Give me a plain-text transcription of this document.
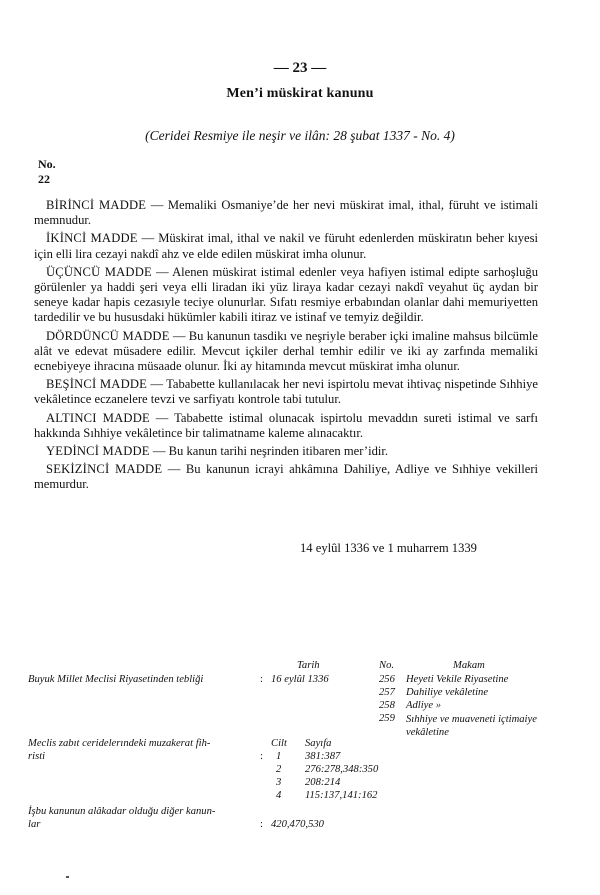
— 23 —
Men’i müskirat kanunu
(Ceridei Resmiye ile neşir ve ilân: 28 şubat 1337 - No. 4)
No.
22

BİRİNCİ MADDE — Memaliki Osmaniye’de her nevi müskirat imal, ithal, füruht ve istimali memnudur.

İKİNCİ MADDE — Müskirat imal, ithal ve nakil ve füruht edenlerden müskiratın beher kıyesi için elli lira cezayi nakdî ahz ve elde edilen müskirat imha olunur.

ÜÇÜNCÜ MADDE — Alenen müskirat istimal edenler veya hafiyen istimal edipte sarhoşluğu görülenler ya haddi şeri veya elli liradan iki yüz liraya kadar cezayi nakdî veyahut üç aydan bir seneye kadar hapis cezasıyle teciye olunurlar. Sıfatı resmiye erbabından olanlar dahi memuriyetten tardedilir ve bu hususdaki hükümler kabili itiraz ve istinaf ve temyiz değildir.

DÖRDÜNCÜ MADDE — Bu kanunun tasdikı ve neşriyle beraber içki imaline mahsus bilcümle alât ve edevat müsadere edilir. Mevcut içkiler derhal temhir edilir ve iki ay zarfında memaliki ecnebiyeye ihracına müsaade olunur. İki ay hitamında mevcut müskirat imha olunur.

BEŞİNCİ MADDE — Tababette kullanılacak her nevi ispirtolu mevat ihtivaç nispetinde Sıhhiye vekâletince eczanelere tevzi ve sarfiyatı kontrole tabi tutulur.

ALTINCI MADDE — Tababette istimal olunacak ispirtolu mevaddın sureti istimal ve sarfı hakkında Sıhhiye vekâletince bir talimatname kaleme alınacaktır.

YEDİNCİ MADDE — Bu kanun tarihi neşrinden itibaren mer’idir.

SEKİZİNCİ MADDE — Bu kanunun icrayi ahkâmına Dahiliye, Adliye ve Sıhhiye vekilleri memurdur.

14 eylûl 1336 ve 1 muharrem 1339
Tarih	No.	Makam
Buyuk Millet Meclisi Riyasetinden tebliği	: 16 eylûl 1336	256 Heyeti Vekile Riyasetine
257 Dahiliye vekâletine
258 Adliye »
259 Sıhhiye ve muaveneti içtimaiye vekâletine
Meclis zabıt ceridelerındeki muzakerat fih-
risti	:
Cilt Sayıfa
1 381:387
2 276:278,348:350
3 208:214
4 115:137,141:162
İşbu kanunun alâkadar olduğu diğer kanun-
lar	: 420,470,530
